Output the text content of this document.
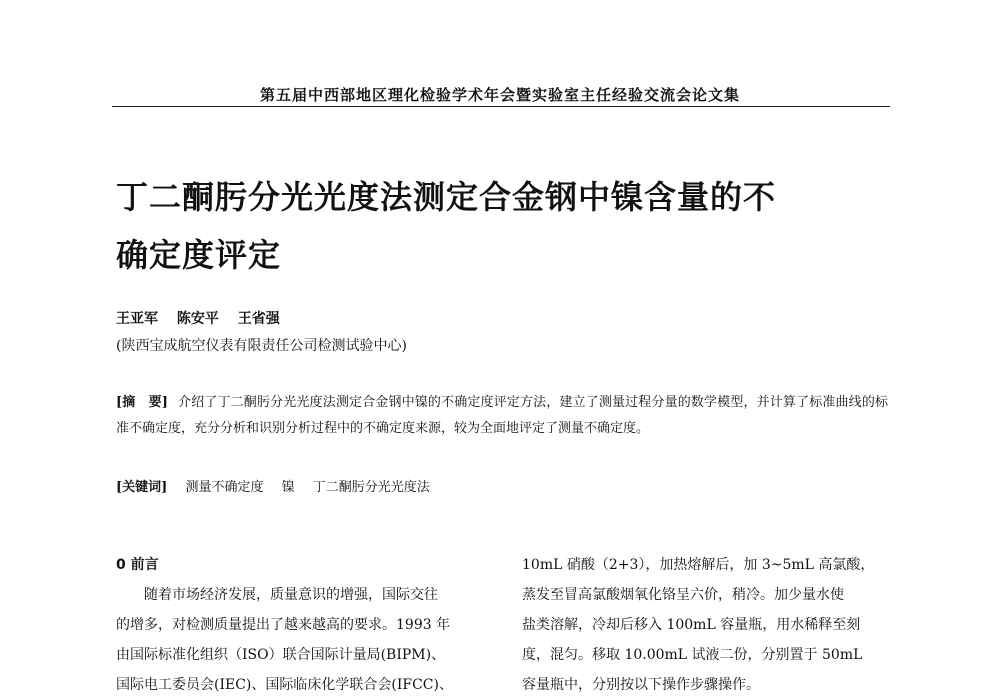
第五届中西部地区理化检验学术年会暨实验室主任经验交流会论文集
丁二酮肟分光光度法测定合金钢中镍含量的不
确定度评定
王亚军 陈安平 王省强
(陕西宝成航空仪表有限责任公司检测试验中心)
[摘　要] 介绍了丁二酮肟分光光度法测定合金钢中镍的不确定度评定方法，建立了测量过程分量的数学模型，并计算了标准曲线的标准不确定度，充分分析和识别分析过程中的不确定度来源，较为全面地评定了测量不确定度。
[关键词] 测量不确定度 镍 丁二酮肟分光光度法
0 前言
随着市场经济发展，质量意识的增强，国际交往
的增多，对检测质量提出了越来越高的要求。1993 年
由国际标准化组织（ISO）联合国际计量局(BIPM)、
国际电工委员会(IEC)、国际临床化学联合会(IFCC)、
10mL 硝酸（2+3），加热熔解后，加 3~5mL 高氯酸，
蒸发至冒高氯酸烟氧化铬呈六价，稍冷。加少量水使
盐类溶解，冷却后移入 100mL 容量瓶，用水稀释至刻
度，混匀。移取 10.00mL 试液二份，分别置于 50mL
容量瓶中，分别按以下操作步骤操作。
